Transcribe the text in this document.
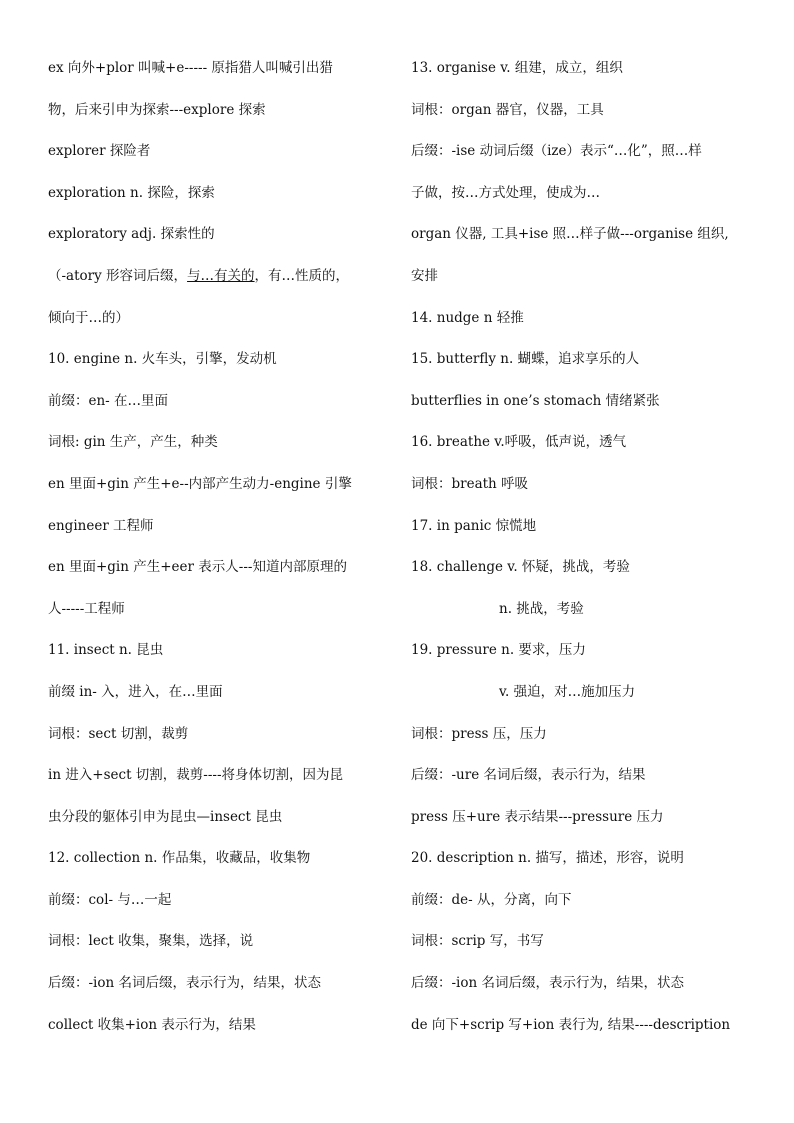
ex 向外+plor 叫喊+e----- 原指猎人叫喊引出猎
物，后来引申为探索---explore 探索
explorer 探险者
exploration n. 探险，探索
exploratory adj. 探索性的
（-atory 形容词后缀，与…有关的，有…性质的，
倾向于…的）
10. engine n. 火车头，引擎，发动机
前缀：en- 在…里面
词根: gin 生产，产生，种类
en 里面+gin 产生+e--内部产生动力-engine 引擎
engineer 工程师
en 里面+gin 产生+eer 表示人---知道内部原理的
人-----工程师
11. insect n. 昆虫
前缀 in- 入，进入，在…里面
词根：sect 切割，裁剪
in 进入+sect 切割，裁剪----将身体切割，因为昆
虫分段的躯体引申为昆虫—insect 昆虫
12. collection n. 作品集，收藏品，收集物
前缀：col- 与…一起
词根：lect 收集，聚集，选择，说
后缀：-ion 名词后缀，表示行为，结果，状态
collect 收集+ion 表示行为，结果
13. organise v. 组建，成立，组织
词根：organ 器官，仪器，工具
后缀：-ise 动词后缀（ize）表示“…化”，照…样
子做，按…方式处理，使成为…
organ 仪器, 工具+ise 照…样子做---organise 组织,
安排
14. nudge n 轻推
15. butterfly n. 蝴蝶，追求享乐的人
butterflies in one’s stomach 情绪紧张
16. breathe v.呼吸，低声说，透气
词根：breath 呼吸
17. in panic 惊慌地
18. challenge v. 怀疑，挑战，考验
n. 挑战，考验
19. pressure n. 要求，压力
v. 强迫，对…施加压力
词根：press 压，压力
后缀：-ure 名词后缀，表示行为，结果
press 压+ure 表示结果---pressure 压力
20. description n. 描写，描述，形容，说明
前缀：de- 从，分离，向下
词根：scrip 写，书写
后缀：-ion 名词后缀，表示行为，结果，状态
de 向下+scrip 写+ion 表行为, 结果----description
